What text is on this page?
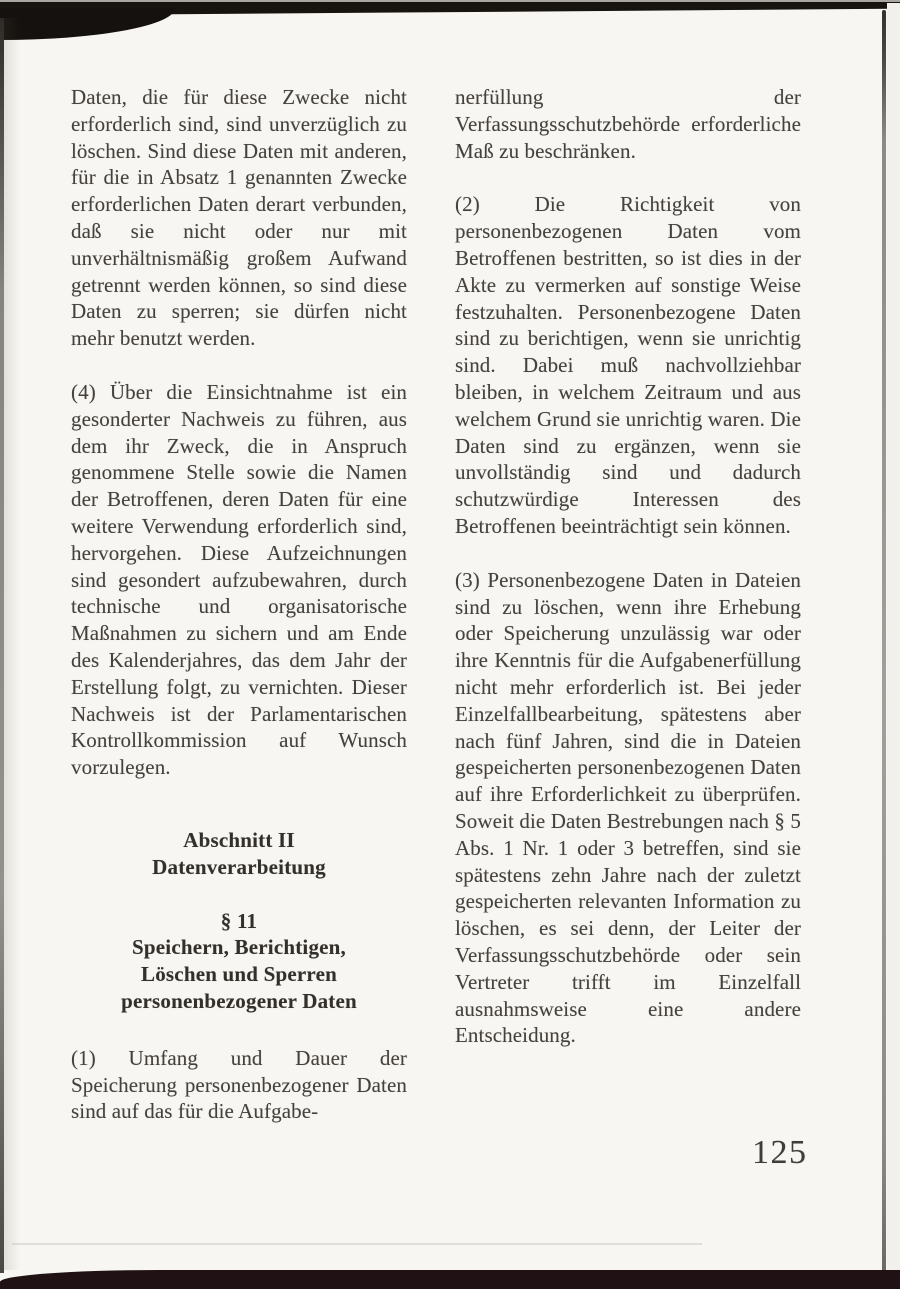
Daten, die für diese Zwecke nicht erforderlich sind, sind unverzüglich zu löschen. Sind diese Daten mit anderen, für die in Absatz 1 genannten Zwecke erforderlichen Daten derart verbunden, daß sie nicht oder nur mit unverhältnismäßig großem Aufwand getrennt werden können, so sind diese Daten zu sperren; sie dürfen nicht mehr benutzt werden.

(4) Über die Einsichtnahme ist ein gesonderter Nachweis zu führen, aus dem ihr Zweck, die in Anspruch genommene Stelle sowie die Namen der Betroffenen, deren Daten für eine weitere Verwendung erforderlich sind, hervorgehen. Diese Aufzeichnungen sind gesondert aufzubewahren, durch technische und organisatorische Maßnahmen zu sichern und am Ende des Kalenderjahres, das dem Jahr der Erstellung folgt, zu vernichten. Dieser Nachweis ist der Parlamentarischen Kontrollkommission auf Wunsch vorzulegen.

Abschnitt II
Datenverarbeitung
§ 11
Speichern, Berichtigen,
Löschen und Sperren
personenbezogener Daten

(1) Umfang und Dauer der Speicherung personenbezogener Daten sind auf das für die Aufgabe-

nerfüllung der Verfassungsschutzbehörde erforderliche Maß zu beschränken.

(2) Die Richtigkeit von personenbezogenen Daten vom Betroffenen bestritten, so ist dies in der Akte zu vermerken auf sonstige Weise festzuhalten. Personenbezogene Daten sind zu berichtigen, wenn sie unrichtig sind. Dabei muß nachvollziehbar bleiben, in welchem Zeitraum und aus welchem Grund sie unrichtig waren. Die Daten sind zu ergänzen, wenn sie unvollständig sind und dadurch schutzwürdige Interessen des Betroffenen beeinträchtigt sein können.

(3) Personenbezogene Daten in Dateien sind zu löschen, wenn ihre Erhebung oder Speicherung unzulässig war oder ihre Kenntnis für die Aufgabenerfüllung nicht mehr erforderlich ist. Bei jeder Einzelfallbearbeitung, spätestens aber nach fünf Jahren, sind die in Dateien gespeicherten personenbezogenen Daten auf ihre Erforderlichkeit zu überprüfen. Soweit die Daten Bestrebungen nach § 5 Abs. 1 Nr. 1 oder 3 betreffen, sind sie spätestens zehn Jahre nach der zuletzt gespeicherten relevanten Information zu löschen, es sei denn, der Leiter der Verfassungsschutzbehörde oder sein Vertreter trifft im Einzelfall ausnahmsweise eine andere Entscheidung.

125
